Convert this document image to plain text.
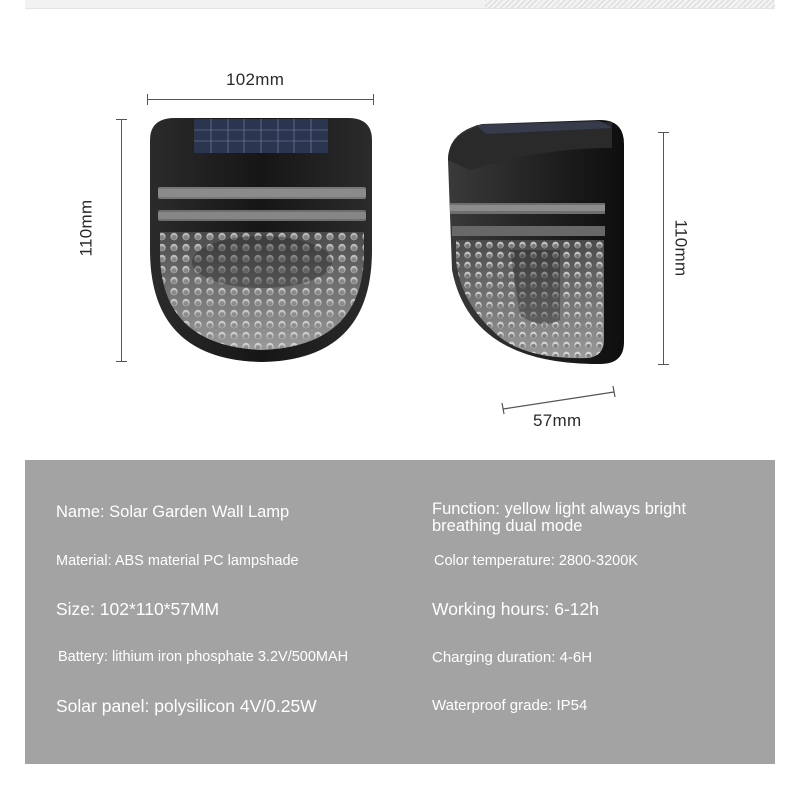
102mm
110mm	110mm
57mm
Name: Solar Garden Wall Lamp
Material: ABS material PC lampshade
Size: 102*110*57MM
Battery: lithium iron phosphate 3.2V/500MAH
Solar panel: polysilicon 4V/0.25W
Function: yellow light always bright breathing dual mode
Color temperature: 2800-3200K
Working hours: 6-12h
Charging duration: 4-6H
Waterproof grade: IP54
